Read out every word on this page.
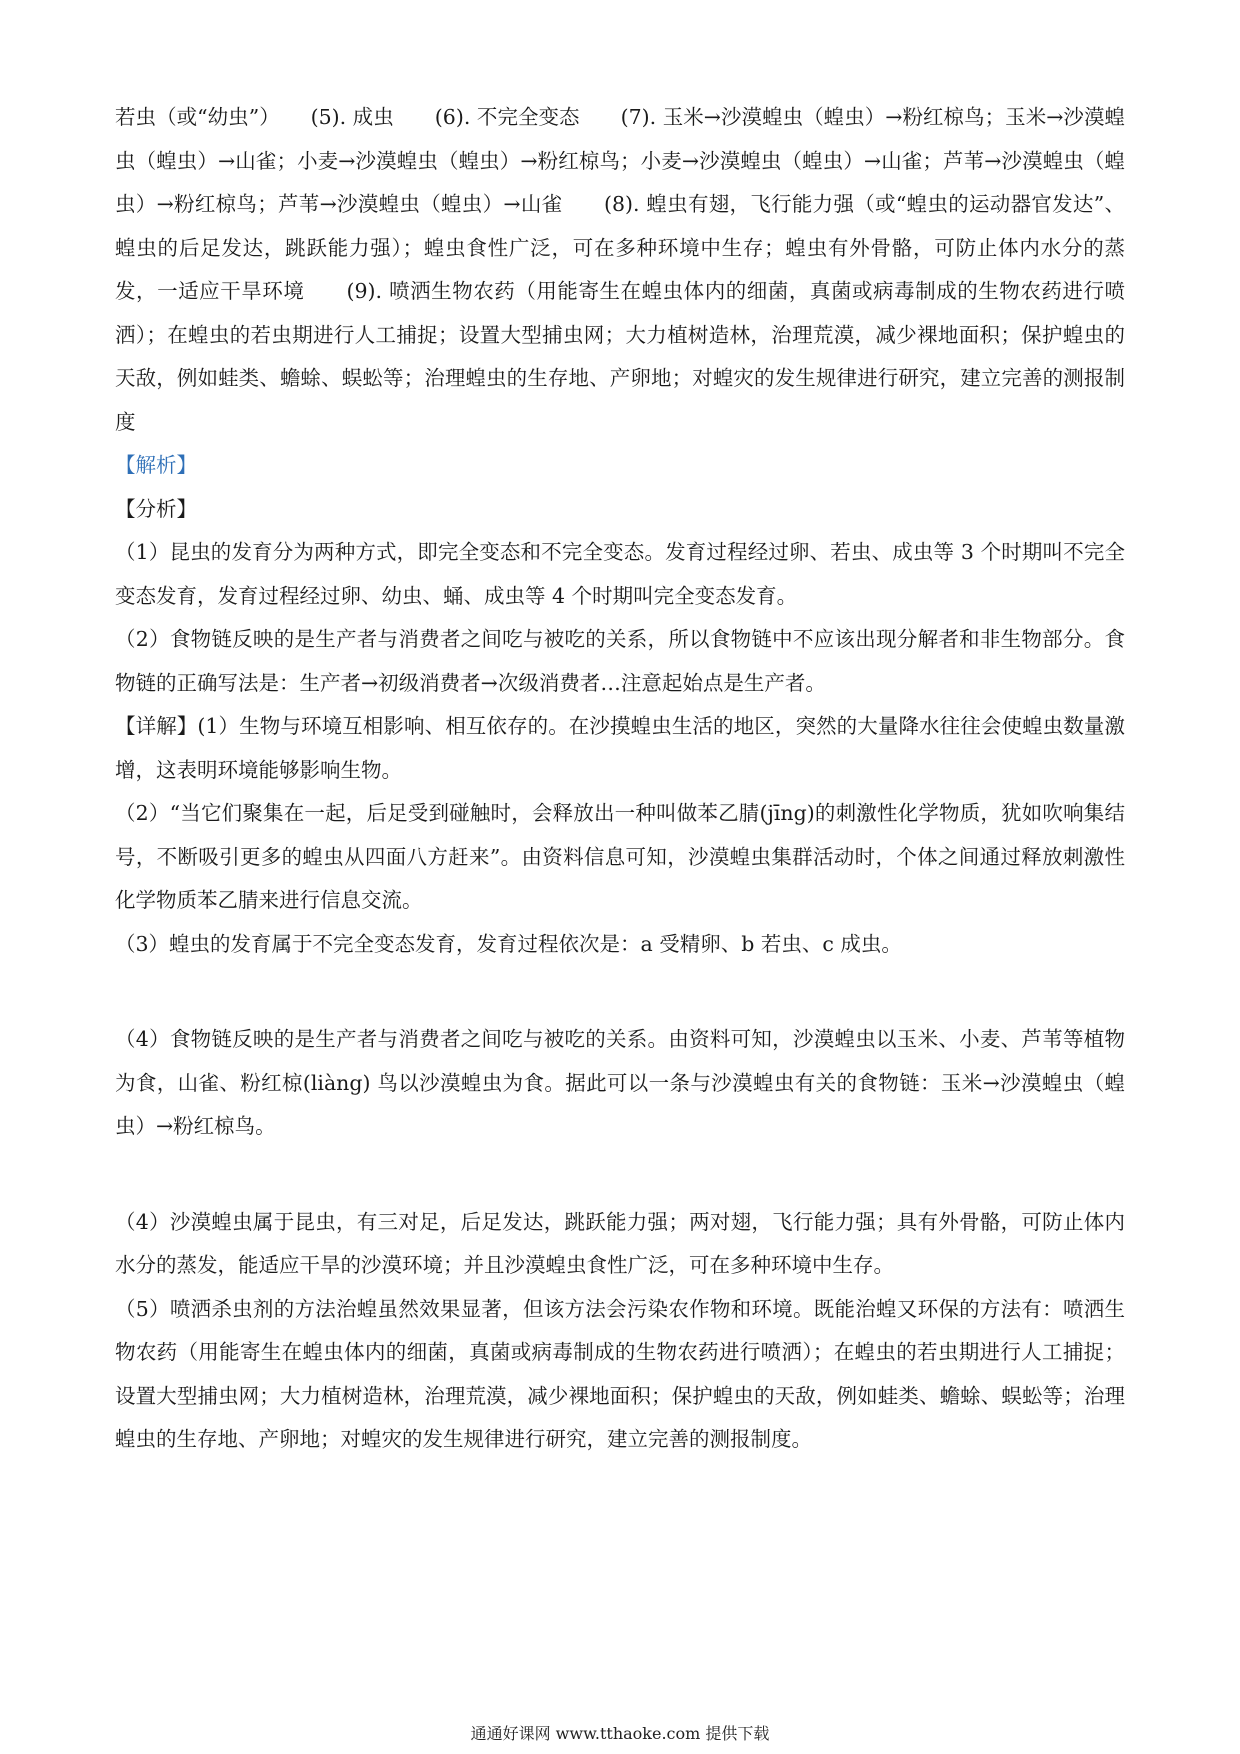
若虫（或“幼虫”）　　(5). 成虫　　(6). 不完全变态　　(7). 玉米→沙漠蝗虫（蝗虫）→粉红椋鸟；玉米→沙漠蝗虫（蝗虫）→山雀；小麦→沙漠蝗虫（蝗虫）→粉红椋鸟；小麦→沙漠蝗虫（蝗虫）→山雀；芦苇→沙漠蝗虫（蝗虫）→粉红椋鸟；芦苇→沙漠蝗虫（蝗虫）→山雀　　(8). 蝗虫有翅，飞行能力强（或“蝗虫的运动器官发达”、蝗虫的后足发达，跳跃能力强）；蝗虫食性广泛，可在多种环境中生存；蝗虫有外骨骼，可防止体内水分的蒸发，一适应干旱环境　　(9). 喷洒生物农药（用能寄生在蝗虫体内的细菌，真菌或病毒制成的生物农药进行喷洒）；在蝗虫的若虫期进行人工捕捉；设置大型捕虫网；大力植树造林，治理荒漠，减少裸地面积；保护蝗虫的天敌，例如蛙类、蟾蜍、蜈蚣等；治理蝗虫的生存地、产卵地；对蝗灾的发生规律进行研究，建立完善的测报制度

【解析】

【分析】

（1）昆虫的发育分为两种方式，即完全变态和不完全变态。发育过程经过卵、若虫、成虫等 3 个时期叫不完全变态发育，发育过程经过卵、幼虫、蛹、成虫等 4 个时期叫完全变态发育。

（2）食物链反映的是生产者与消费者之间吃与被吃的关系，所以食物链中不应该出现分解者和非生物部分。食物链的正确写法是：生产者→初级消费者→次级消费者…注意起始点是生产者。

【详解】(1）生物与环境互相影响、相互依存的。在沙摸蝗虫生活的地区，突然的大量降水往往会使蝗虫数量激增，这表明环境能够影响生物。

（2）“当它们聚集在一起，后足受到碰触时，会释放出一种叫做苯乙腈(jīng)的刺激性化学物质，犹如吹响集结号，不断吸引更多的蝗虫从四面八方赶来”。由资料信息可知，沙漠蝗虫集群活动时，个体之间通过释放刺激性化学物质苯乙腈来进行信息交流。

（3）蝗虫的发育属于不完全变态发育，发育过程依次是：a 受精卵、b 若虫、c 成虫。

（4）食物链反映的是生产者与消费者之间吃与被吃的关系。由资料可知，沙漠蝗虫以玉米、小麦、芦苇等植物为食，山雀、粉红椋(liàng) 鸟以沙漠蝗虫为食。据此可以一条与沙漠蝗虫有关的食物链：玉米→沙漠蝗虫（蝗虫）→粉红椋鸟。

（4）沙漠蝗虫属于昆虫，有三对足，后足发达，跳跃能力强；两对翅，飞行能力强；具有外骨骼，可防止体内水分的蒸发，能适应干旱的沙漠环境；并且沙漠蝗虫食性广泛，可在多种环境中生存。

（5）喷洒杀虫剂的方法治蝗虽然效果显著，但该方法会污染农作物和环境。既能治蝗又环保的方法有：喷洒生物农药（用能寄生在蝗虫体内的细菌，真菌或病毒制成的生物农药进行喷洒）；在蝗虫的若虫期进行人工捕捉；设置大型捕虫网；大力植树造林，治理荒漠，减少裸地面积；保护蝗虫的天敌，例如蛙类、蟾蜍、蜈蚣等；治理蝗虫的生存地、产卵地；对蝗灾的发生规律进行研究，建立完善的测报制度。

通通好课网 www.tthaoke.com 提供下载
